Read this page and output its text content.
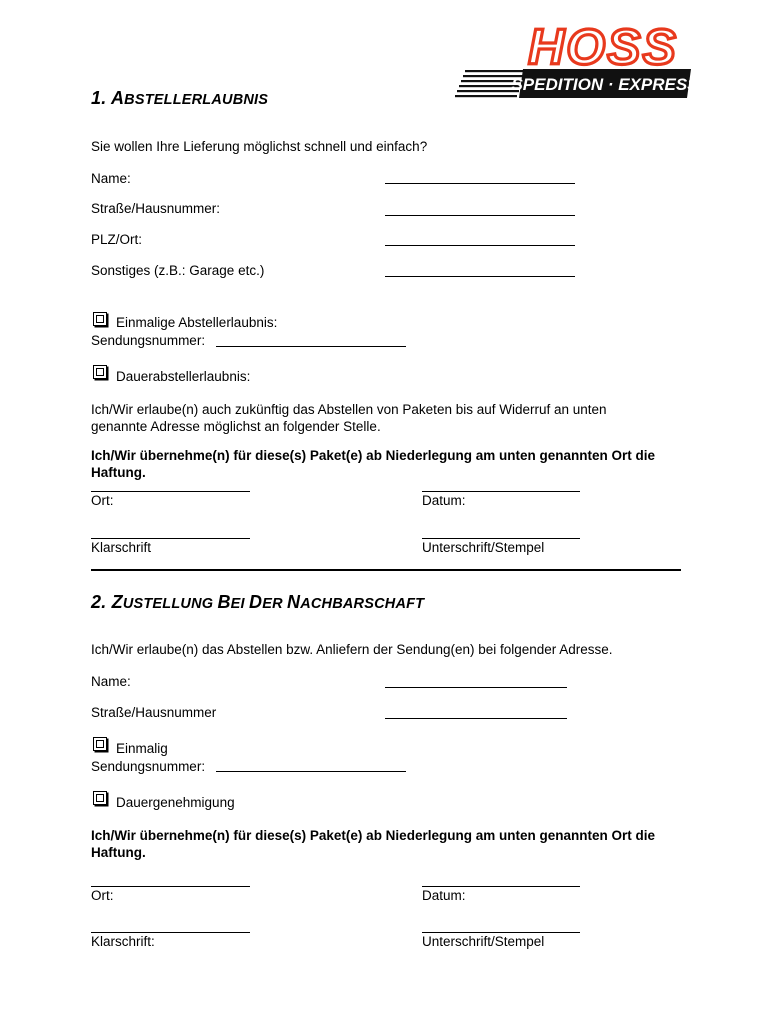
SPEDITION · EXPRESS
HOSS
1. ABSTELLERLAUBNIS
Sie wollen Ihre Lieferung möglichst schnell und einfach?
Name:
Straße/Hausnummer:
PLZ/Ort:
Sonstiges (z.B.: Garage etc.)
Einmalige Abstellerlaubnis:
Sendungsnummer:
Dauerabstellerlaubnis:
Ich/Wir erlaube(n) auch zukünftig das Abstellen von Paketen bis auf Widerruf an unten genannte Adresse möglichst an folgender Stelle.
Ich/Wir übernehme(n) für diese(s) Paket(e) ab Niederlegung am unten genannten Ort die Haftung.
Ort:	Datum:
Klarschrift	Unterschrift/Stempel
2. ZUSTELLUNG BEI DER NACHBARSCHAFT
Ich/Wir erlaube(n) das Abstellen bzw. Anliefern der Sendung(en) bei folgender Adresse.
Name:
Straße/Hausnummer
Einmalig
Sendungsnummer:
Dauergenehmigung
Ich/Wir übernehme(n) für diese(s) Paket(e) ab Niederlegung am unten genannten Ort die Haftung.
Ort:	Datum:
Klarschrift:	Unterschrift/Stempel
